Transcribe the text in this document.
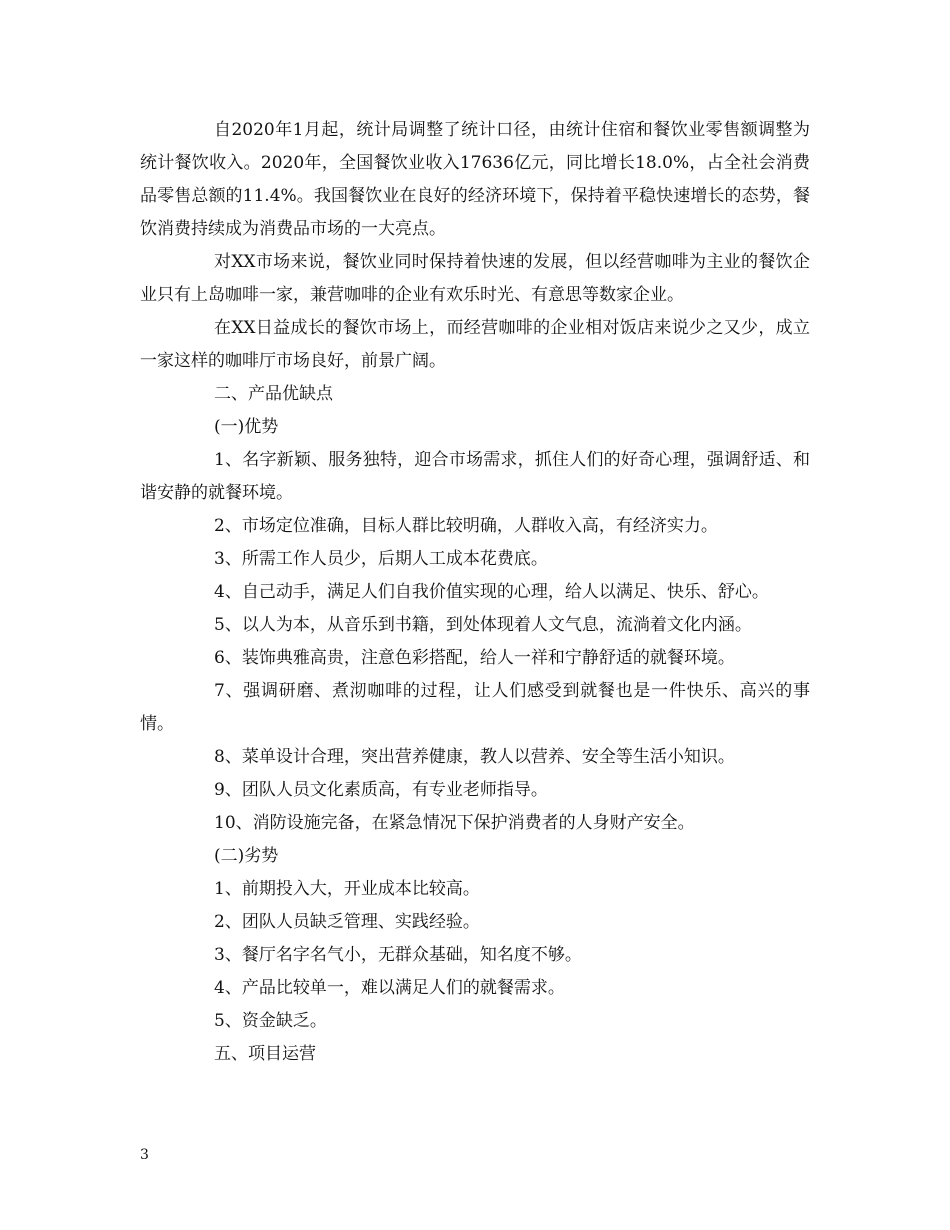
自2020年1月起，统计局调整了统计口径，由统计住宿和餐饮业零售额调整为统计餐饮收入。2020年，全国餐饮业收入17636亿元，同比增长18.0%，占全社会消费品零售总额的11.4%。我国餐饮业在良好的经济环境下，保持着平稳快速增长的态势，餐饮消费持续成为消费品市场的一大亮点。

对XX市场来说，餐饮业同时保持着快速的发展，但以经营咖啡为主业的餐饮企业只有上岛咖啡一家，兼营咖啡的企业有欢乐时光、有意思等数家企业。

在XX日益成长的餐饮市场上，而经营咖啡的企业相对饭店来说少之又少，成立一家这样的咖啡厅市场良好，前景广阔。

二、产品优缺点

(一)优势

1、名字新颖、服务独特，迎合市场需求，抓住人们的好奇心理，强调舒适、和谐安静的就餐环境。

2、市场定位准确，目标人群比较明确，人群收入高，有经济实力。

3、所需工作人员少，后期人工成本花费底。

4、自己动手，满足人们自我价值实现的心理，给人以满足、快乐、舒心。

5、以人为本，从音乐到书籍，到处体现着人文气息，流淌着文化内涵。

6、装饰典雅高贵，注意色彩搭配，给人一祥和宁静舒适的就餐环境。

7、强调研磨、煮沏咖啡的过程，让人们感受到就餐也是一件快乐、高兴的事情。

8、菜单设计合理，突出营养健康，教人以营养、安全等生活小知识。

9、团队人员文化素质高，有专业老师指导。

10、消防设施完备，在紧急情况下保护消费者的人身财产安全。

(二)劣势

1、前期投入大，开业成本比较高。

2、团队人员缺乏管理、实践经验。

3、餐厅名字名气小，无群众基础，知名度不够。

4、产品比较单一，难以满足人们的就餐需求。

5、资金缺乏。

五、项目运营

3
